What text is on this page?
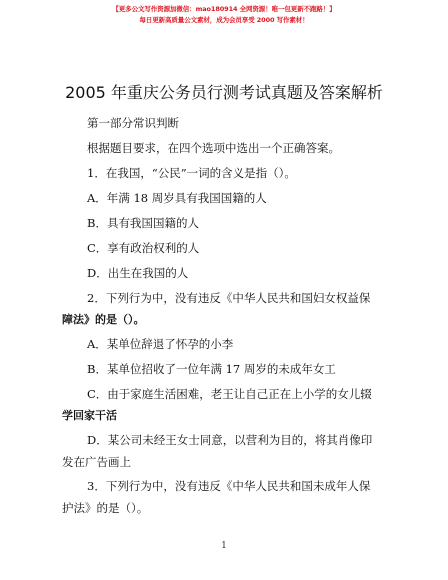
【更多公文写作资源加微信：mao180914 全网资源！唯一包更新不跑路！】
每日更新高质量公文素材，成为会员享受 2000 写作素材！
2005 年重庆公务员行测考试真题及答案解析
第一部分常识判断
根据题目要求，在四个选项中选出一个正确答案。
1．在我国，“公民”一词的含义是指（）。
A．年满 18 周岁具有我国国籍的人
B．具有我国国籍的人
C．享有政治权利的人
D．出生在我国的人
2．下列行为中，没有违反《中华人民共和国妇女权益保
障法》的是（）。
A．某单位辞退了怀孕的小李
B．某单位招收了一位年满 17 周岁的未成年女工
C．由于家庭生活困难，老王让自己正在上小学的女儿辍
学回家干活
D．某公司未经王女士同意，以营利为目的，将其肖像印
发在广告画上
3．下列行为中，没有违反《中华人民共和国未成年人保
护法》的是（）。
1
